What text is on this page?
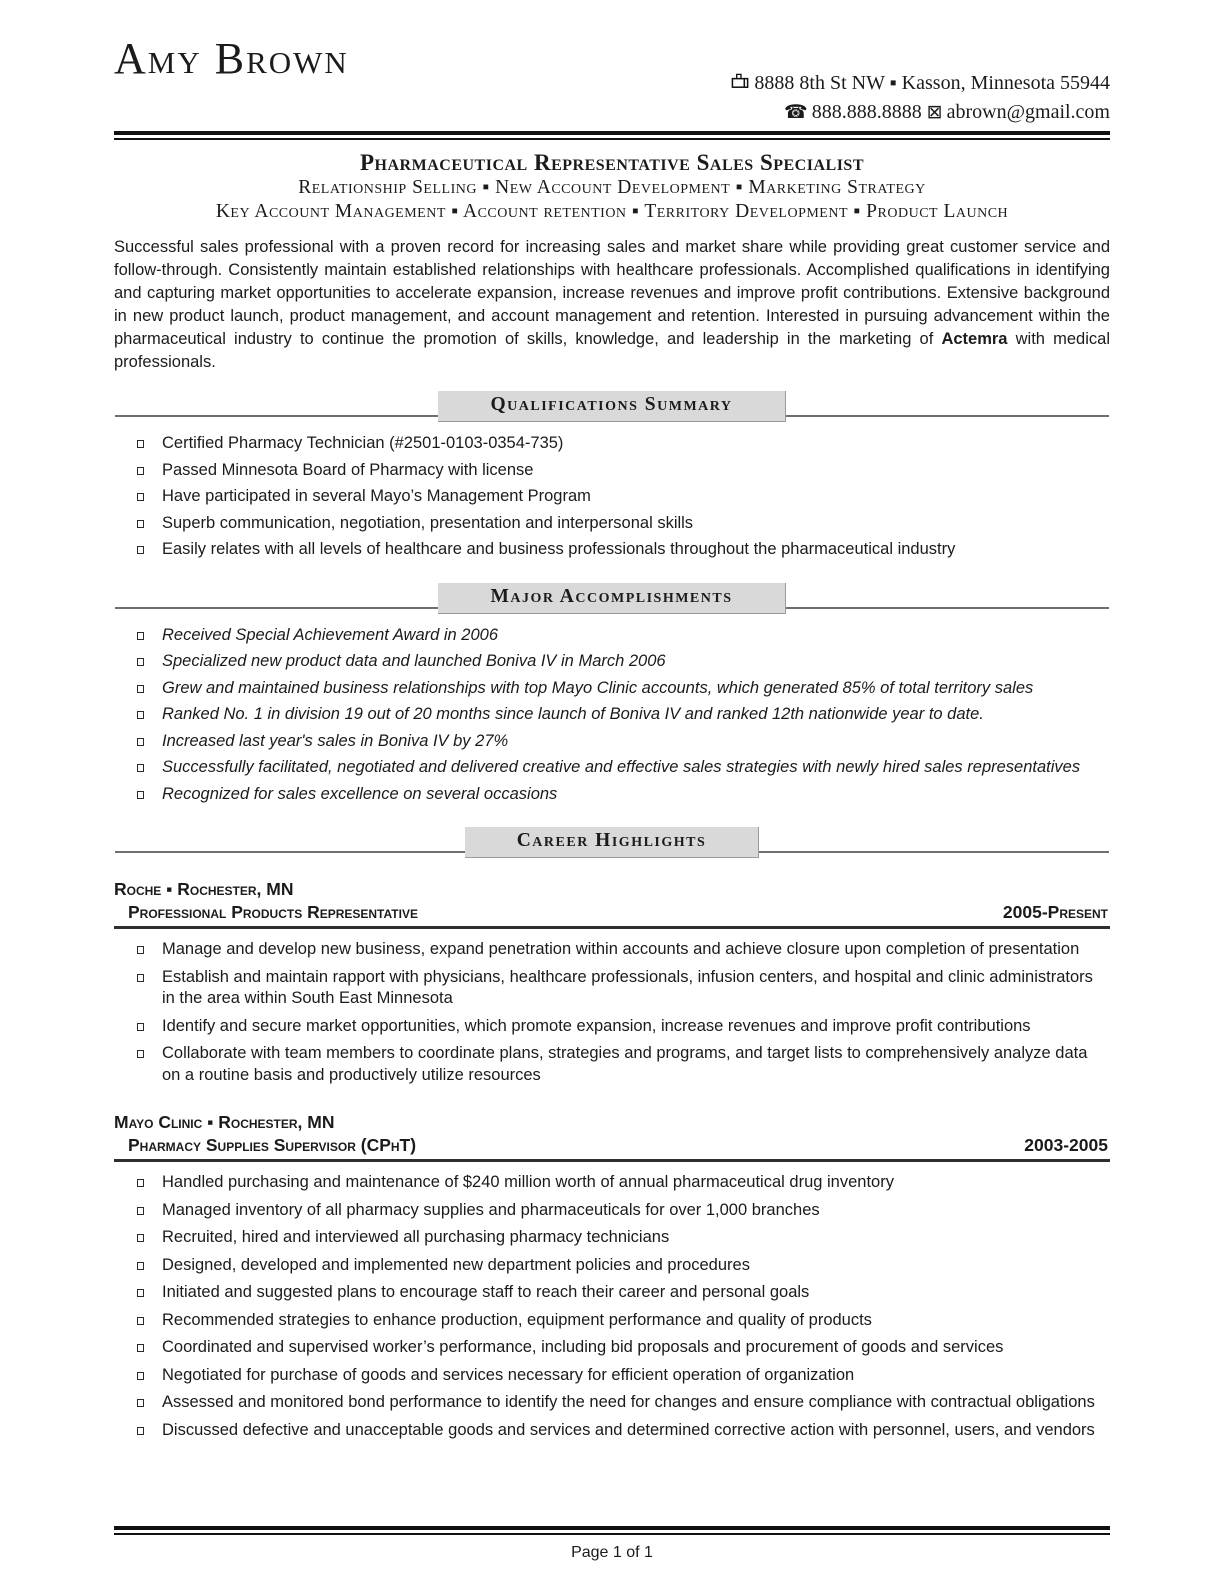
Amy Brown
8888 8th St NW ▪ Kasson, Minnesota 55944
☎ 888.888.8888 ⊠ abrown@gmail.com
Pharmaceutical Representative Sales Specialist
Relationship Selling ▪ New Account Development ▪ Marketing Strategy
Key Account Management ▪ Account retention ▪ Territory Development ▪ Product Launch

Successful sales professional with a proven record for increasing sales and market share while providing great customer service and follow-through. Consistently maintain established relationships with healthcare professionals. Accomplished qualifications in identifying and capturing market opportunities to accelerate expansion, increase revenues and improve profit contributions. Extensive background in new product launch, product management, and account management and retention. Interested in pursuing advancement within the pharmaceutical industry to continue the promotion of skills, knowledge, and leadership in the marketing of Actemra with medical professionals.

Qualifications Summary
Certified Pharmacy Technician (#2501-0103-0354-735)
Passed Minnesota Board of Pharmacy with license
Have participated in several Mayo’s Management Program
Superb communication, negotiation, presentation and interpersonal skills
Easily relates with all levels of healthcare and business professionals throughout the pharmaceutical industry
Major Accomplishments
Received Special Achievement Award in 2006
Specialized new product data and launched Boniva IV in March 2006
Grew and maintained business relationships with top Mayo Clinic accounts, which generated 85% of total territory sales
Ranked No. 1 in division 19 out of 20 months since launch of Boniva IV and ranked 12th nationwide year to date.
Increased last year's sales in Boniva IV by 27%
Successfully facilitated, negotiated and delivered creative and effective sales strategies with newly hired sales representatives
Recognized for sales excellence on several occasions
Career Highlights
Roche ▪ Rochester, MN
Professional Products Representative	2005-Present
Manage and develop new business, expand penetration within accounts and achieve closure upon completion of presentation
Establish and maintain rapport with physicians, healthcare professionals, infusion centers, and hospital and clinic administrators in the area within South East Minnesota
Identify and secure market opportunities, which promote expansion, increase revenues and improve profit contributions
Collaborate with team members to coordinate plans, strategies and programs, and target lists to comprehensively analyze data on a routine basis and productively utilize resources
Mayo Clinic ▪ Rochester, MN
Pharmacy Supplies Supervisor (CPhT)	2003-2005
Handled purchasing and maintenance of $240 million worth of annual pharmaceutical drug inventory
Managed inventory of all pharmacy supplies and pharmaceuticals for over 1,000 branches
Recruited, hired and interviewed all purchasing pharmacy technicians
Designed, developed and implemented new department policies and procedures
Initiated and suggested plans to encourage staff to reach their career and personal goals
Recommended strategies to enhance production, equipment performance and quality of products
Coordinated and supervised worker’s performance, including bid proposals and procurement of goods and services
Negotiated for purchase of goods and services necessary for efficient operation of organization
Assessed and monitored bond performance to identify the need for changes and ensure compliance with contractual obligations
Discussed defective and unacceptable goods and services and determined corrective action with personnel, users, and vendors
Page 1 of 1
